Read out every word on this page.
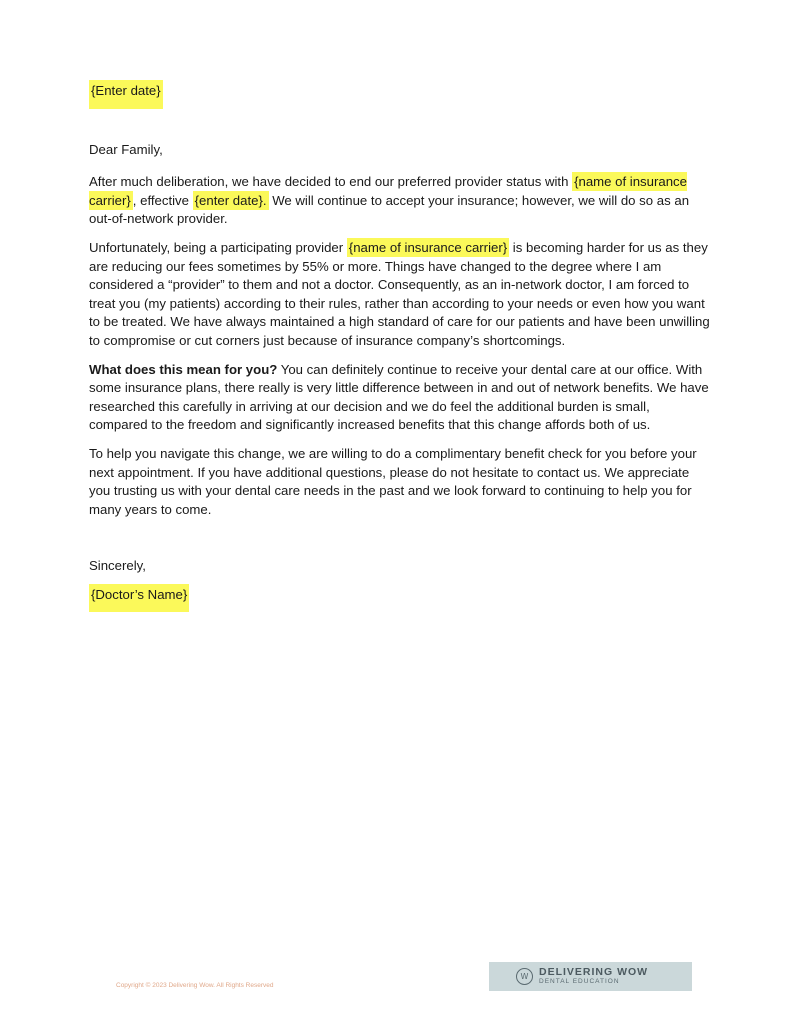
{Enter date}

Dear Family,

After much deliberation, we have decided to end our preferred provider status with {name of insurance carrier} , effective {enter date}. We will continue to accept your insurance; however, we will do so as an out-of-network provider.

Unfortunately, being a participating provider {name of insurance carrier} is becoming harder for us as they are reducing our fees sometimes by 55% or more. Things have changed to the degree where I am considered a “provider” to them and not a doctor. Consequently, as an in-network doctor, I am forced to treat you (my patients) according to their rules, rather than according to your needs or even how you want to be treated. We have always maintained a high standard of care for our patients and have been unwilling to compromise or cut corners just because of insurance company’s shortcomings.

What does this mean for you? You can definitely continue to receive your dental care at our office. With some insurance plans, there really is very little difference between in and out of network benefits. We have researched this carefully in arriving at our decision and we do feel the additional burden is small, compared to the freedom and significantly increased benefits that this change affords both of us.

To help you navigate this change, we are willing to do a complimentary benefit check for you before your next appointment. If you have additional questions, please do not hesitate to contact us. We appreciate you trusting us with your dental care needs in the past and we look forward to continuing to help you for many years to come.

Sincerely,

{Doctor’s Name}
Copyright © 2023 Delivering Wow. All Rights Reserved
W	DELIVERING WOW
DENTAL EDUCATION
